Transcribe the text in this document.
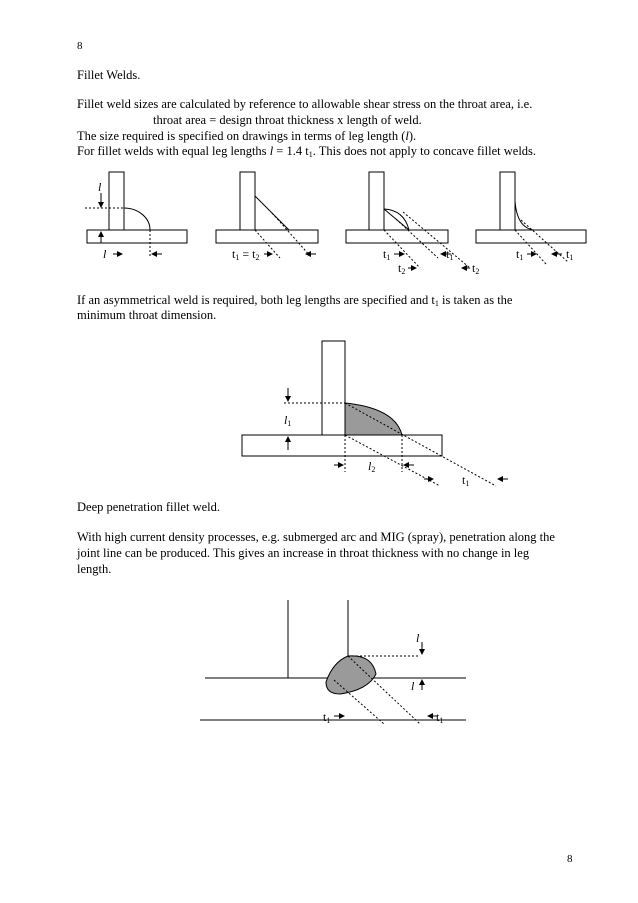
8
8
Fillet Welds.
Fillet weld sizes are calculated by reference to allowable shear stress on the throat area, i.e.
throat area = design throat thickness x length of weld.
The size required is specified on drawings in terms of leg length (l).
For fillet welds with equal leg lengths l = 1.4 $t_1$. This does not apply to concave fillet welds.
If an asymmetrical weld is required, both leg lengths are specified and $t_1$ is taken as the
minimum throat dimension.
Deep penetration fillet weld.
With high current density processes, e.g. submerged arc and MIG (spray), penetration along the
joint line can be produced. This gives an increase in throat thickness with no change in leg
length.
l
l	t1 = t2	t1	t1
t2	t2
t1	t1
l1
l2
t1
l
l
t1	t1
